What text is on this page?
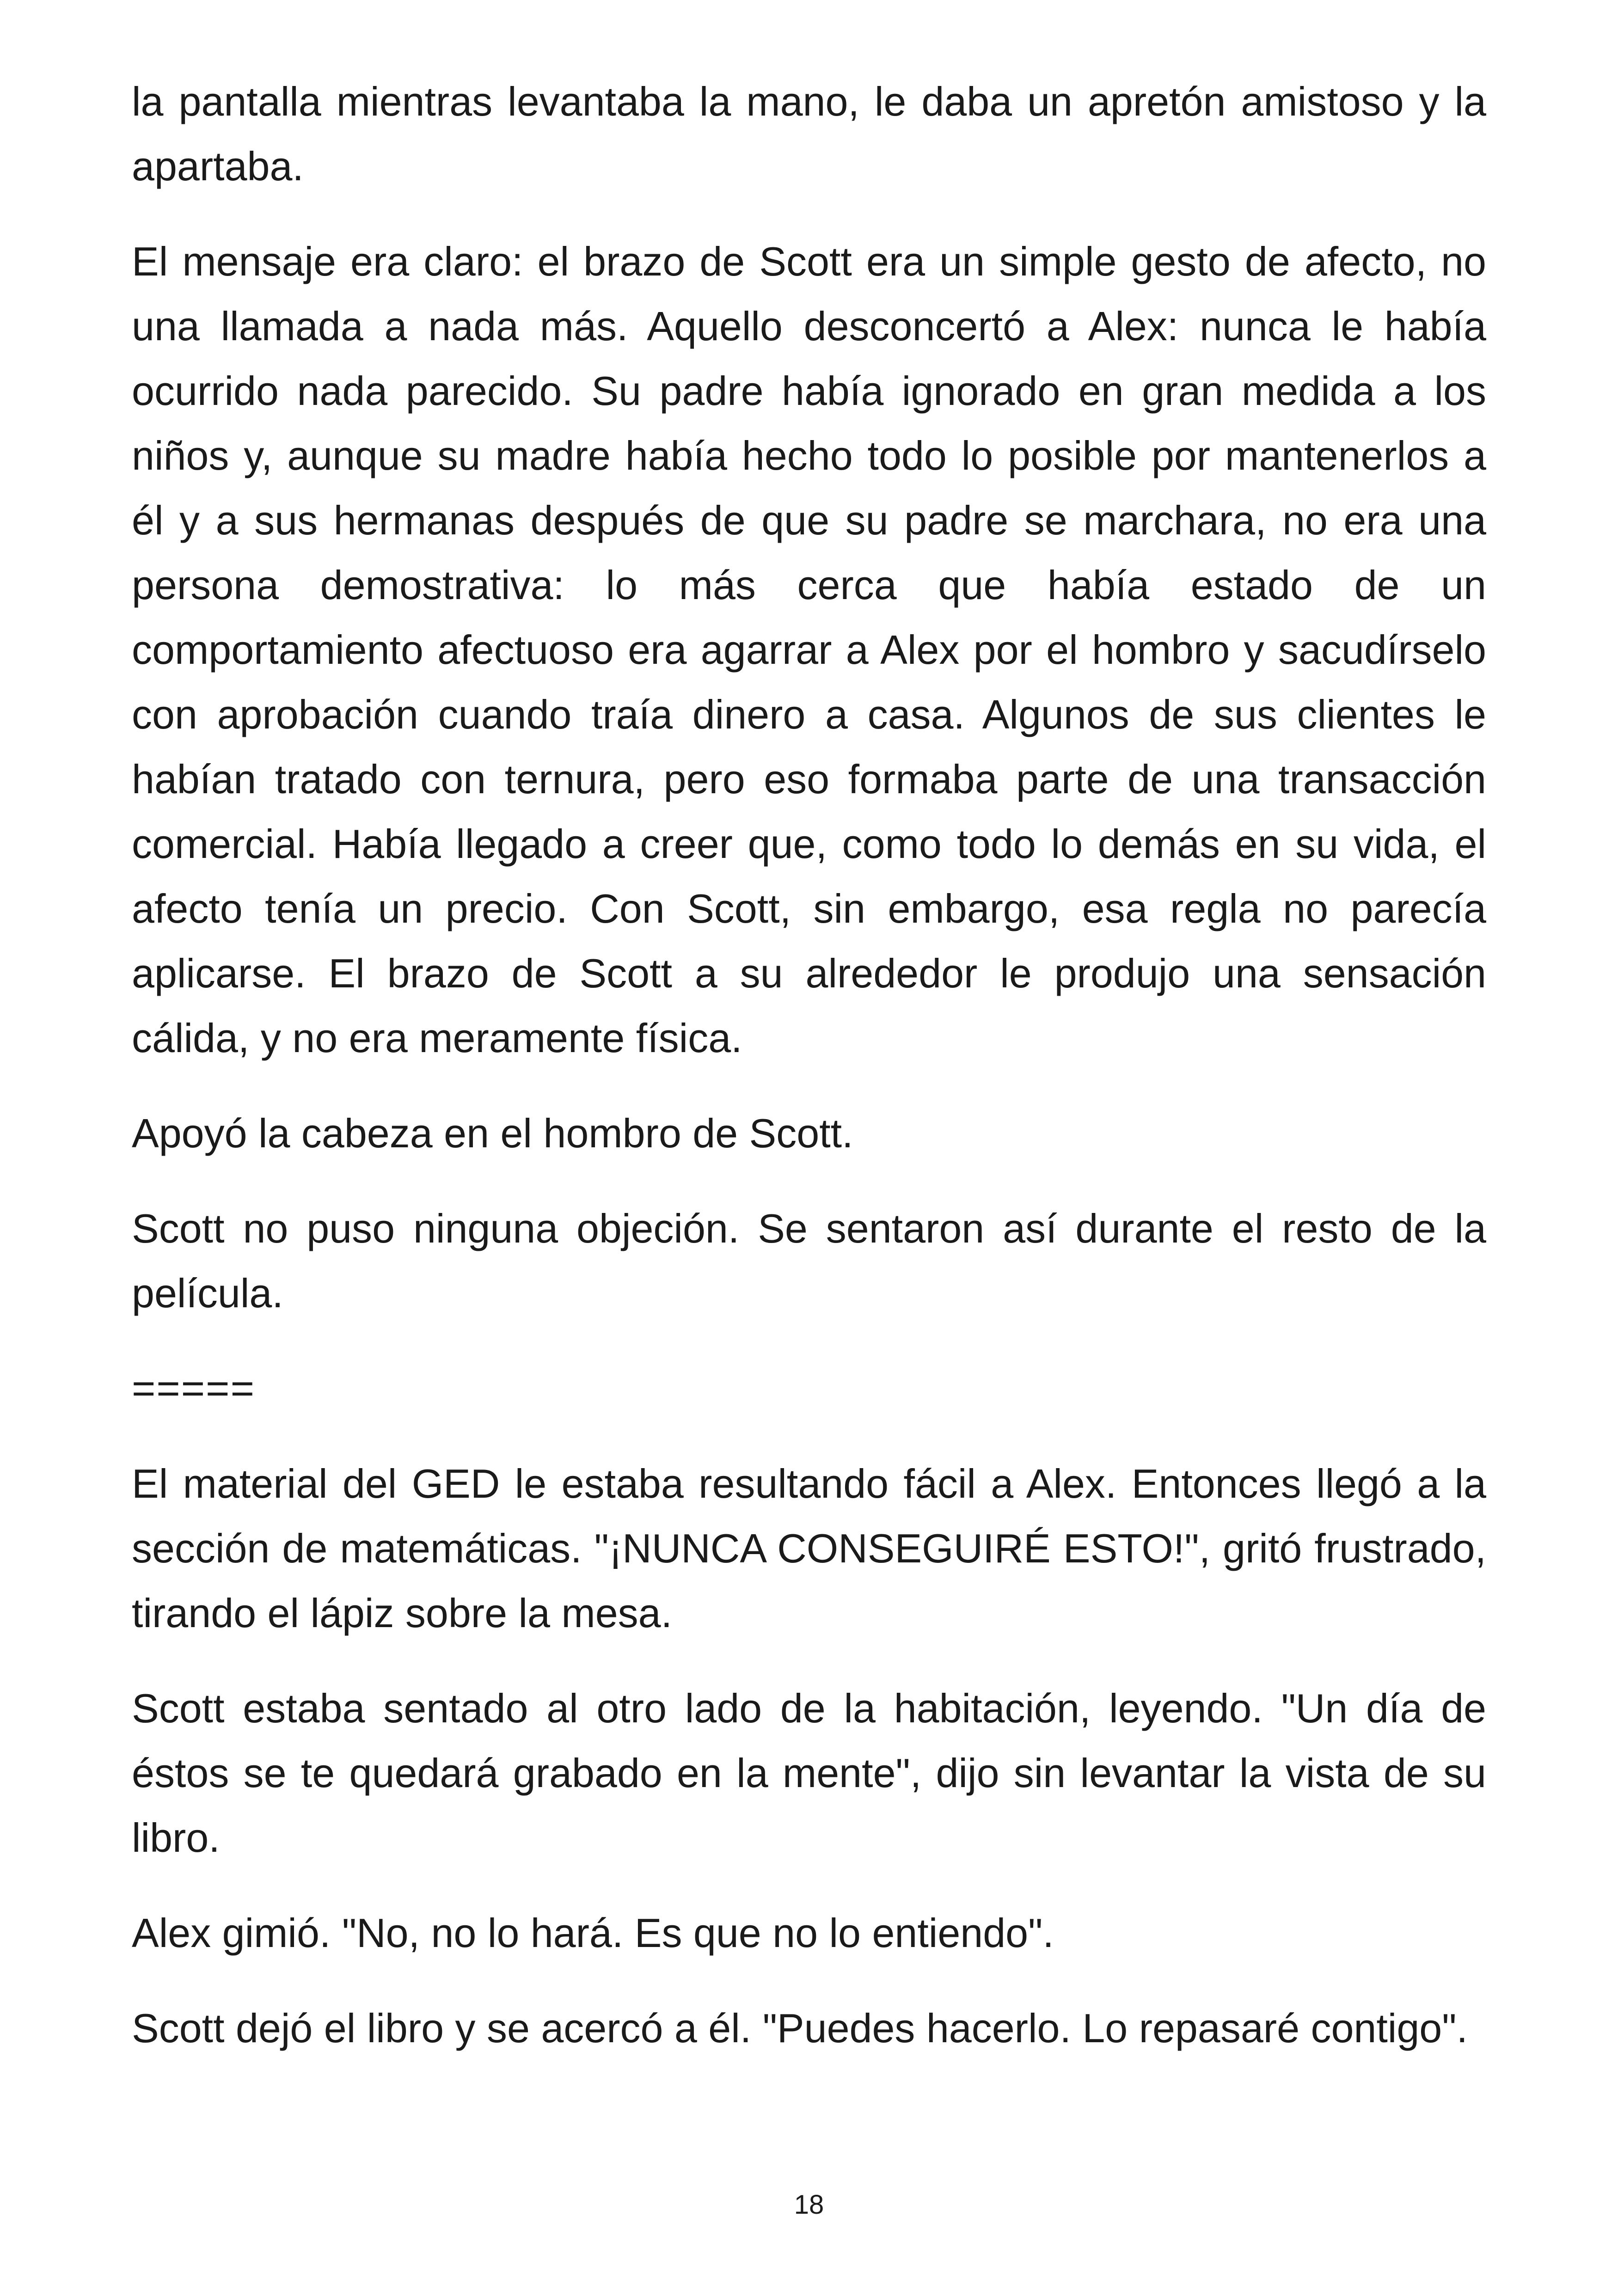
la pantalla mientras levantaba la mano, le daba un apretón amistoso y la apartaba.

El mensaje era claro: el brazo de Scott era un simple gesto de afecto, no una llamada a nada más. Aquello desconcertó a Alex: nunca le había ocurrido nada parecido. Su padre había ignorado en gran medida a los niños y, aunque su madre había hecho todo lo posible por mantenerlos a él y a sus hermanas después de que su padre se marchara, no era una persona demostrativa: lo más cerca que había estado de un comportamiento afectuoso era agarrar a Alex por el hombro y sacudírselo con aprobación cuando traía dinero a casa. Algunos de sus clientes le habían tratado con ternura, pero eso formaba parte de una transacción comercial. Había llegado a creer que, como todo lo demás en su vida, el afecto tenía un precio. Con Scott, sin embargo, esa regla no parecía aplicarse. El brazo de Scott a su alrededor le produjo una sensación cálida, y no era meramente física.

Apoyó la cabeza en el hombro de Scott.

Scott no puso ninguna objeción. Se sentaron así durante el resto de la película.

=====

El material del GED le estaba resultando fácil a Alex. Entonces llegó a la sección de matemáticas. "¡NUNCA CONSEGUIRÉ ESTO!", gritó frustrado, tirando el lápiz sobre la mesa.

Scott estaba sentado al otro lado de la habitación, leyendo. "Un día de éstos se te quedará grabado en la mente", dijo sin levantar la vista de su libro.

Alex gimió. "No, no lo hará. Es que no lo entiendo".

Scott dejó el libro y se acercó a él. "Puedes hacerlo. Lo repasaré contigo".

18
